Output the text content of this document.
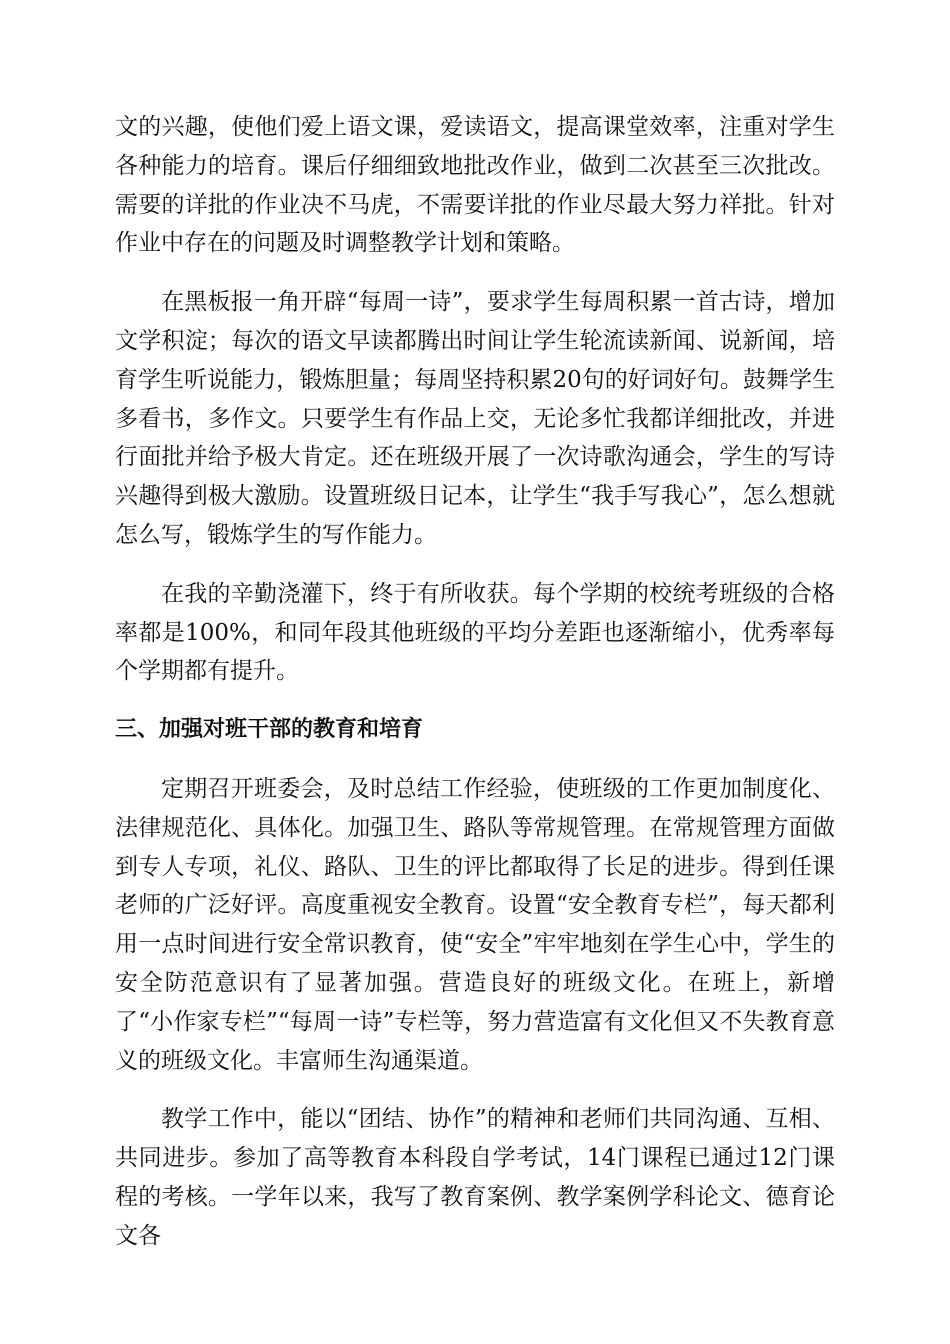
文的兴趣，使他们爱上语文课，爱读语文，提高课堂效率，注重对学生各种能力的培育。课后仔细细致地批改作业，做到二次甚至三次批改。需要的详批的作业决不马虎，不需要详批的作业尽最大努力祥批。针对作业中存在的问题及时调整教学计划和策略。

在黑板报一角开辟“每周一诗”，要求学生每周积累一首古诗，增加文学积淀；每次的语文早读都腾出时间让学生轮流读新闻、说新闻，培育学生听说能力，锻炼胆量；每周坚持积累20句的好词好句。鼓舞学生多看书，多作文。只要学生有作品上交，无论多忙我都详细批改，并进行面批并给予极大肯定。还在班级开展了一次诗歌沟通会，学生的写诗兴趣得到极大激励。设置班级日记本，让学生“我手写我心”，怎么想就怎么写，锻炼学生的写作能力。

在我的辛勤浇灌下，终于有所收获。每个学期的校统考班级的合格率都是100%，和同年段其他班级的平均分差距也逐渐缩小，优秀率每个学期都有提升。

三、加强对班干部的教育和培育

定期召开班委会，及时总结工作经验，使班级的工作更加制度化、法律规范化、具体化。加强卫生、路队等常规管理。在常规管理方面做到专人专项，礼仪、路队、卫生的评比都取得了长足的进步。得到任课老师的广泛好评。高度重视安全教育。设置“安全教育专栏”，每天都利用一点时间进行安全常识教育，使“安全”牢牢地刻在学生心中，学生的安全防范意识有了显著加强。营造良好的班级文化。在班上，新增了“小作家专栏”“每周一诗”专栏等，努力营造富有文化但又不失教育意义的班级文化。丰富师生沟通渠道。

教学工作中，能以“团结、协作”的精神和老师们共同沟通、互相、共同进步。参加了高等教育本科段自学考试，14门课程已通过12门课程的考核。一学年以来，我写了教育案例、教学案例学科论文、德育论文各
